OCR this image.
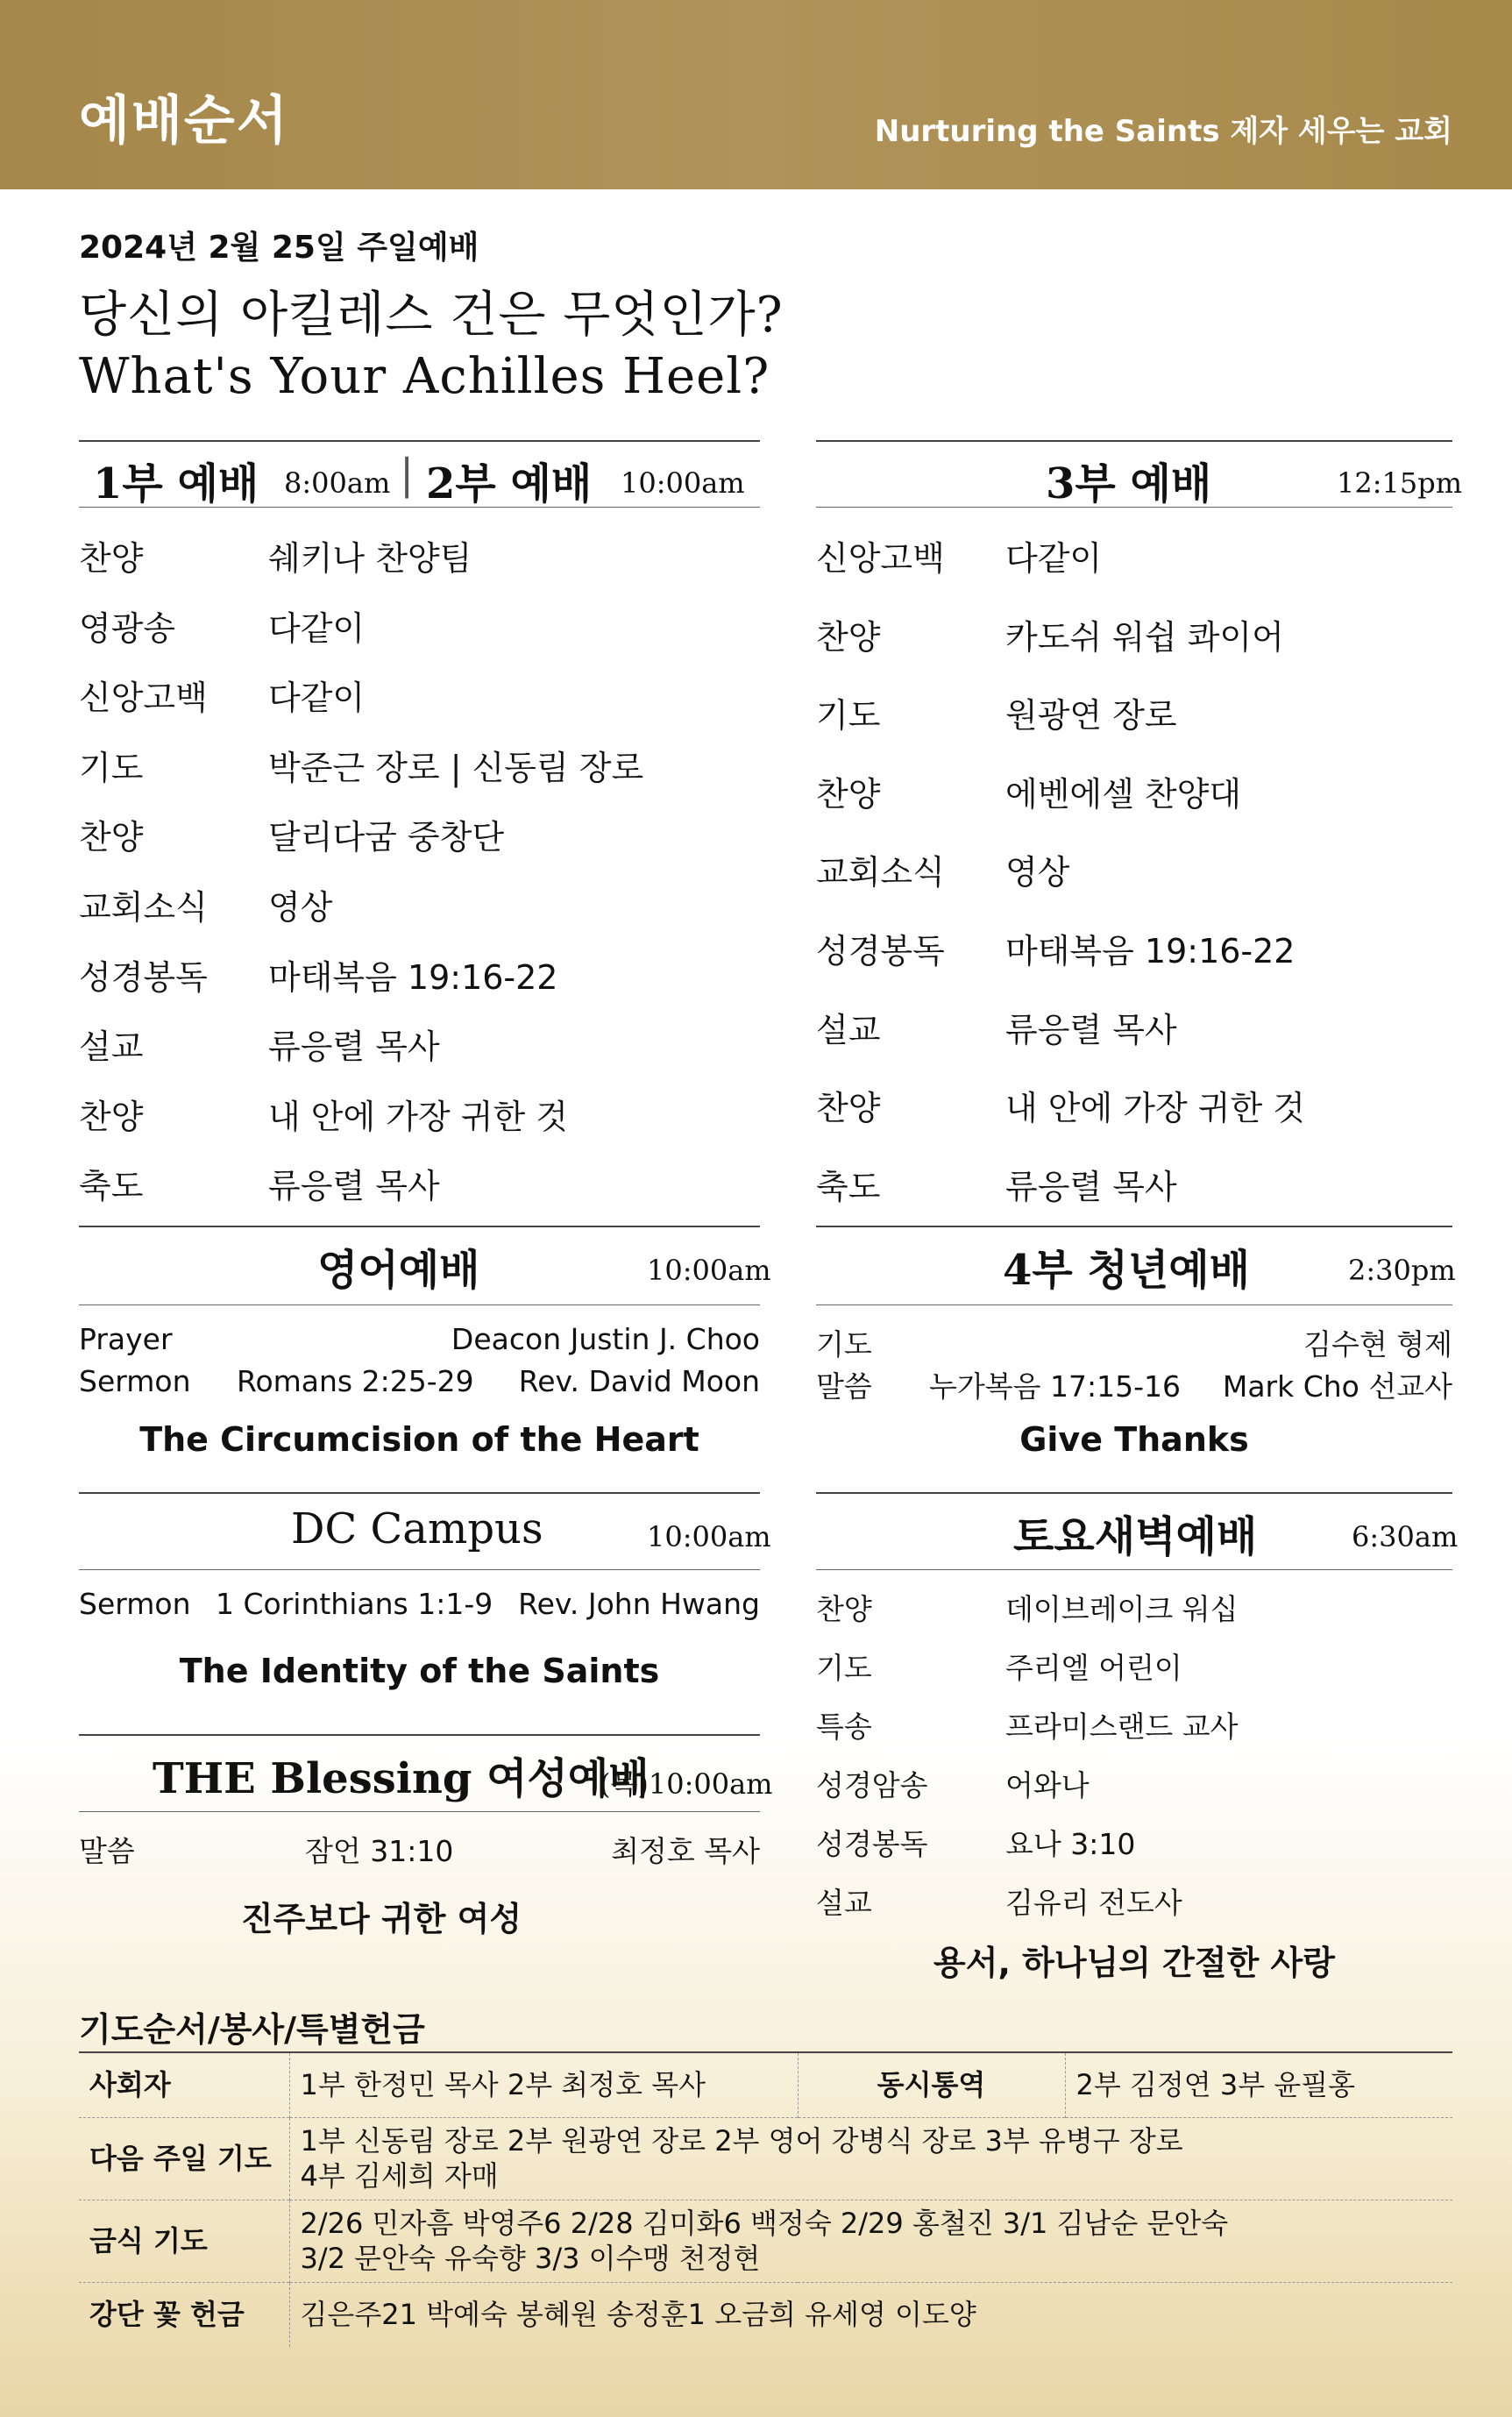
예배순서	Nurturing the Saints 제자 세우는 교회
2024년 2월 25일 주일예배
당신의 아킬레스 건은 무엇인가?
What's Your Achilles Heel?
1부 예배 8:00am | 2부 예배 10:00am
찬양	쉐키나 찬양팀
영광송	다같이
신앙고백 다같이
기도	박준근 장로 | 신동림 장로
찬양	달리다굼 중창단
교회소식 영상
성경봉독 마태복음 19:16-22
설교	류응렬 목사
찬양	내 안에 가장 귀한 것
축도	류응렬 목사
3부 예배	12:15pm
신앙고백 다같이
찬양	카도쉬 워쉽 콰이어
기도	원광연 장로
찬양	에벤에셀 찬양대
교회소식 영상
성경봉독 마태복음 19:16-22
설교	류응렬 목사
찬양	내 안에 가장 귀한 것
축도	류응렬 목사
영어예배	10:00am
Prayer	Deacon Justin J. Choo
Sermon Romans 2:25-29 Rev. David Moon
The Circumcision of the Heart
4부 청년예배	2:30pm
기도	김수현 형제
말씀 누가복음 17:15-16 Mark Cho 선교사
Give Thanks
DC Campus	10:00am
Sermon 1 Corinthians 1:1-9 Rev. John Hwang
The Identity of the Saints
토요새벽예배	6:30am
찬양	데이브레이크 워십
기도	주리엘 어린이
특송	프라미스랜드 교사
성경암송	어와나
성경봉독	요나 3:10
설교	김유리 전도사
용서, 하나님의 간절한 사랑
THE Blessing 여성예배
(목)10:00am
말씀	잠언 31:10	최정호 목사
진주보다 귀한 여성
기도순서/봉사/특별헌금
사회자	1부 한정민 목사 2부 최정호 목사	동시통역	2부 김정연 3부 윤필홍
다음 주일 기도	1부 신동림 장로 2부 원광연 장로 2부 영어 강병식 장로 3부 유병구 장로
4부 김세희 자매		

금식 기도	2/26 민자흠 박영주6 2/28 김미화6 백정숙 2/29 홍철진 3/1 김남순 문안숙
3/2 문안숙 유숙향 3/3 이수맹 천정현		

강단 꽃 헌금	김은주21 박예숙 봉혜원 송정훈1 오금희 유세영 이도양		
